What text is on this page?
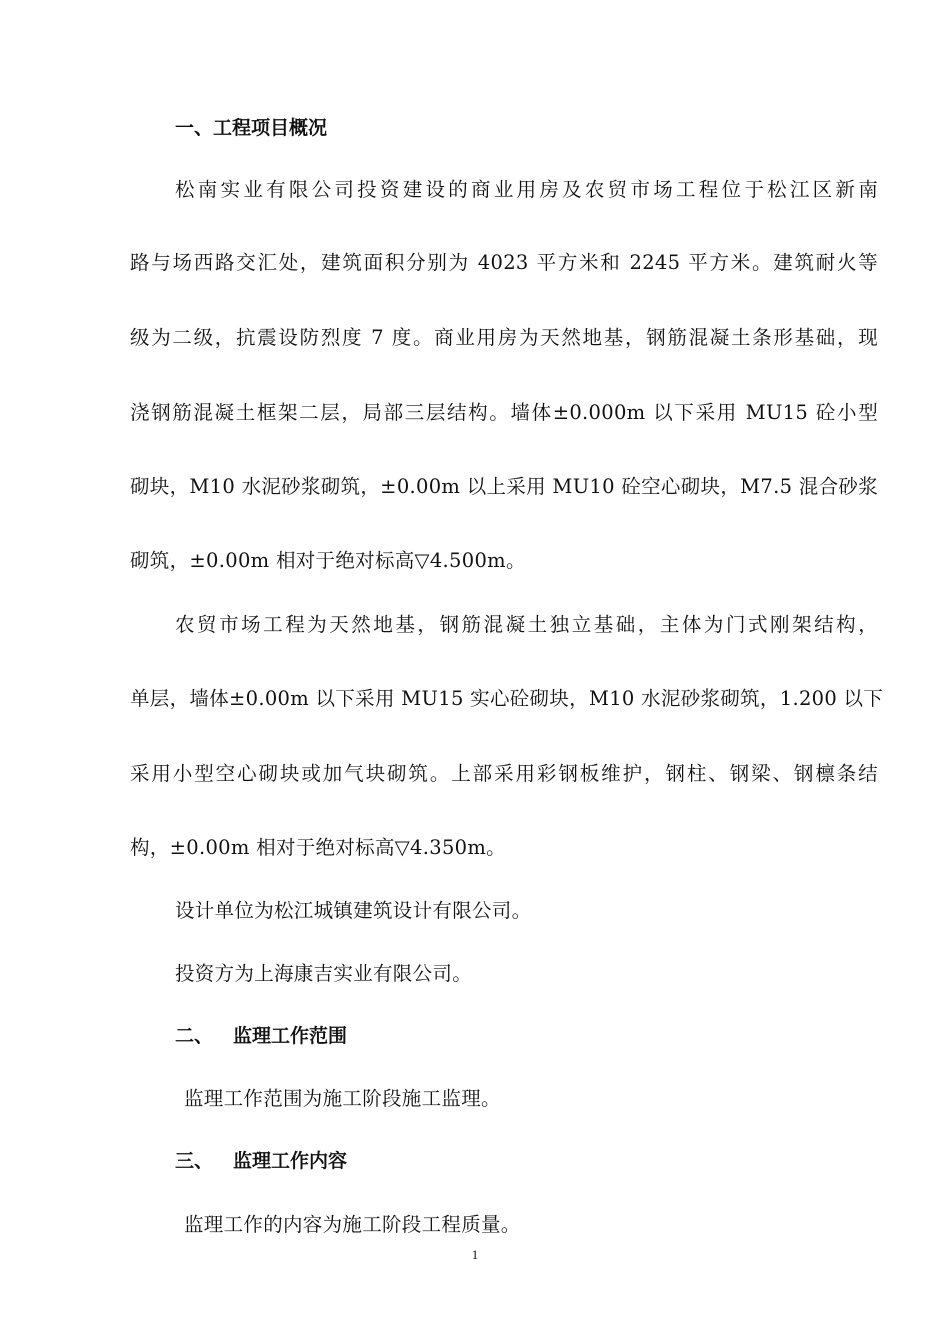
一、工程项目概况
松南实业有限公司投资建设的商业用房及农贸市场工程位于松江区新南
路与场西路交汇处，建筑面积分别为 4023 平方米和 2245 平方米。建筑耐火等
级为二级，抗震设防烈度 7 度。商业用房为天然地基，钢筋混凝土条形基础，现
浇钢筋混凝土框架二层，局部三层结构。墙体±0.000m 以下采用 MU15 砼小型
砌块，M10 水泥砂浆砌筑，±0.00m 以上采用 MU10 砼空心砌块，M7.5 混合砂浆
砌筑，±0.00m 相对于绝对标高▽4.500m。
农贸市场工程为天然地基，钢筋混凝土独立基础，主体为门式刚架结构，
单层，墙体±0.00m 以下采用 MU15 实心砼砌块，M10 水泥砂浆砌筑，1.200 以下
采用小型空心砌块或加气块砌筑。上部采用彩钢板维护，钢柱、钢梁、钢檩条结
构，±0.00m 相对于绝对标高▽4.350m。
设计单位为松江城镇建筑设计有限公司。
投资方为上海康吉实业有限公司。
二、 监理工作范围
监理工作范围为施工阶段施工监理。
三、 监理工作内容
监理工作的内容为施工阶段工程质量。
1
